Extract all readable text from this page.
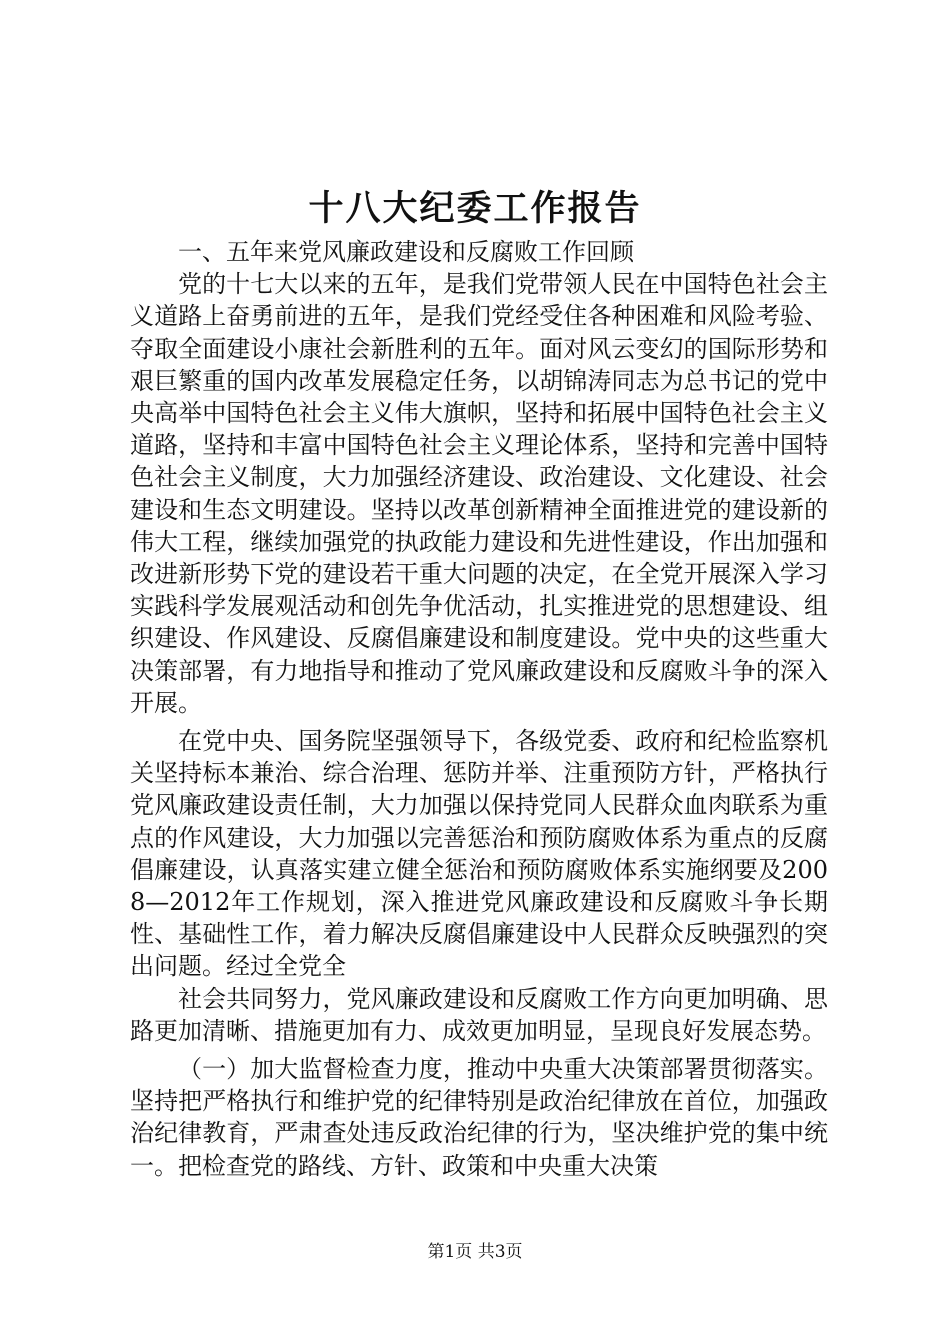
十八大纪委工作报告

一、五年来党风廉政建设和反腐败工作回顾

党的十七大以来的五年，是我们党带领人民在中国特色社会主义道路上奋勇前进的五年，是我们党经受住各种困难和风险考验、夺取全面建设小康社会新胜利的五年。面对风云变幻的国际形势和艰巨繁重的国内改革发展稳定任务，以胡锦涛同志为总书记的党中央高举中国特色社会主义伟大旗帜，坚持和拓展中国特色社会主义道路，坚持和丰富中国特色社会主义理论体系，坚持和完善中国特色社会主义制度，大力加强经济建设、政治建设、文化建设、社会建设和生态文明建设。坚持以改革创新精神全面推进党的建设新的伟大工程，继续加强党的执政能力建设和先进性建设，作出加强和改进新形势下党的建设若干重大问题的决定，在全党开展深入学习实践科学发展观活动和创先争优活动，扎实推进党的思想建设、组织建设、作风建设、反腐倡廉建设和制度建设。党中央的这些重大决策部署，有力地指导和推动了党风廉政建设和反腐败斗争的深入开展。

在党中央、国务院坚强领导下，各级党委、政府和纪检监察机关坚持标本兼治、综合治理、惩防并举、注重预防方针，严格执行党风廉政建设责任制，大力加强以保持党同人民群众血肉联系为重点的作风建设，大力加强以完善惩治和预防腐败体系为重点的反腐倡廉建设，认真落实建立健全惩治和预防腐败体系实施纲要及2008—2012年工作规划，深入推进党风廉政建设和反腐败斗争长期性、基础性工作，着力解决反腐倡廉建设中人民群众反映强烈的突出问题。经过全党全

社会共同努力，党风廉政建设和反腐败工作方向更加明确、思路更加清晰、措施更加有力、成效更加明显，呈现良好发展态势。

（一）加大监督检查力度，推动中央重大决策部署贯彻落实。坚持把严格执行和维护党的纪律特别是政治纪律放在首位，加强政治纪律教育，严肃查处违反政治纪律的行为，坚决维护党的集中统一。把检查党的路线、方针、政策和中央重大决策

第1页 共3页
